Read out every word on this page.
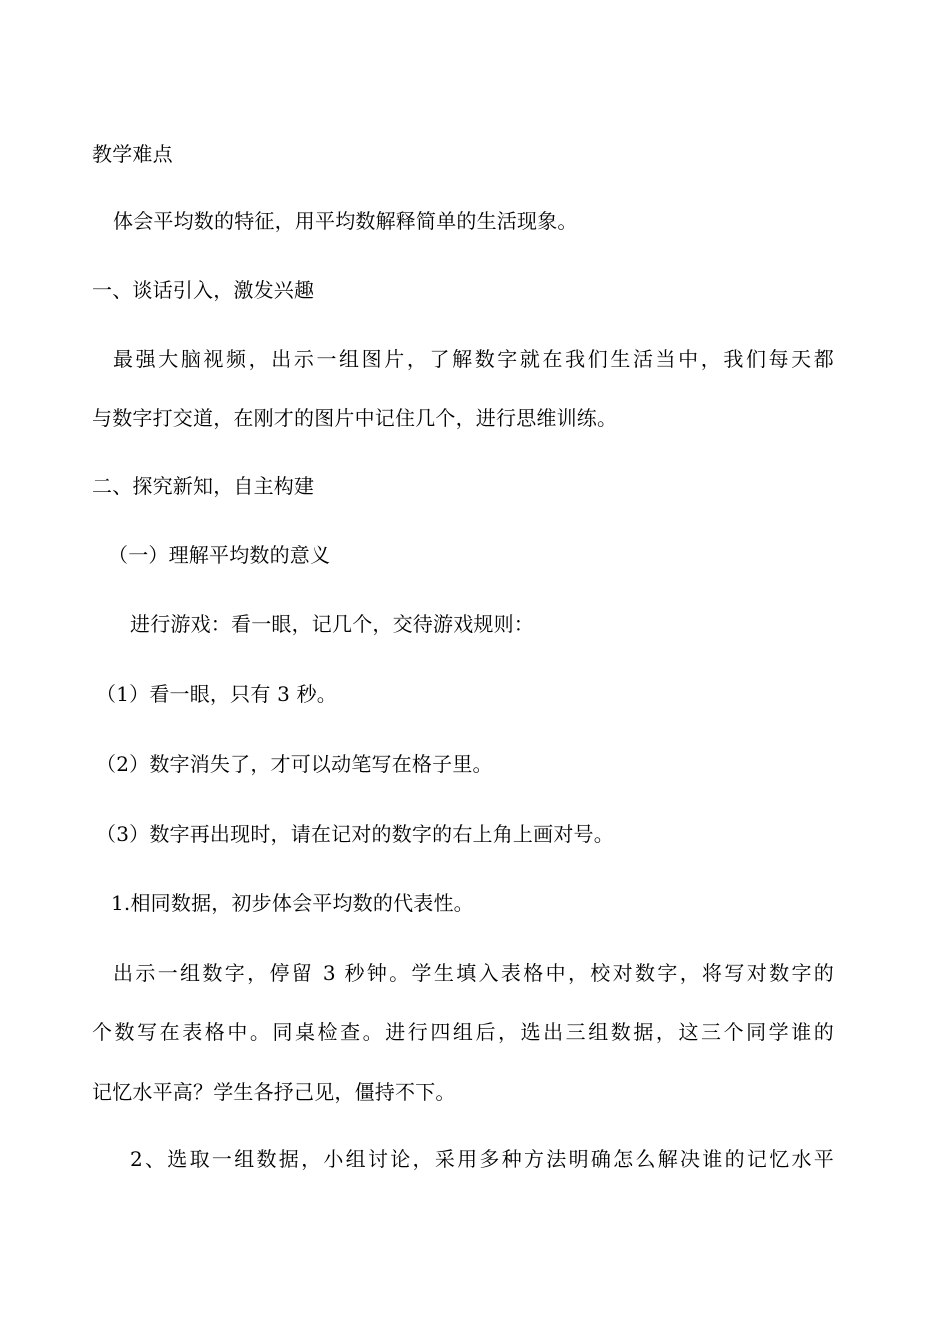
教学难点
体会平均数的特征，用平均数解释简单的生活现象。
一、谈话引入，激发兴趣
最强大脑视频，出示一组图片，了解数字就在我们生活当中，我们每天都
与数字打交道，在刚才的图片中记住几个，进行思维训练。
二、探究新知，自主构建
（一）理解平均数的意义
进行游戏：看一眼，记几个，交待游戏规则：
（1）看一眼，只有 3 秒。
（2）数字消失了，才可以动笔写在格子里。
（3）数字再出现时，请在记对的数字的右上角上画对号。
1.相同数据，初步体会平均数的代表性。
出示一组数字，停留 3 秒钟。学生填入表格中，校对数字，将写对数字的
个数写在表格中。同桌检查。进行四组后，选出三组数据，这三个同学谁的
记忆水平高？学生各抒己见，僵持不下。
2、选取一组数据，小组讨论，采用多种方法明确怎么解决谁的记忆水平
